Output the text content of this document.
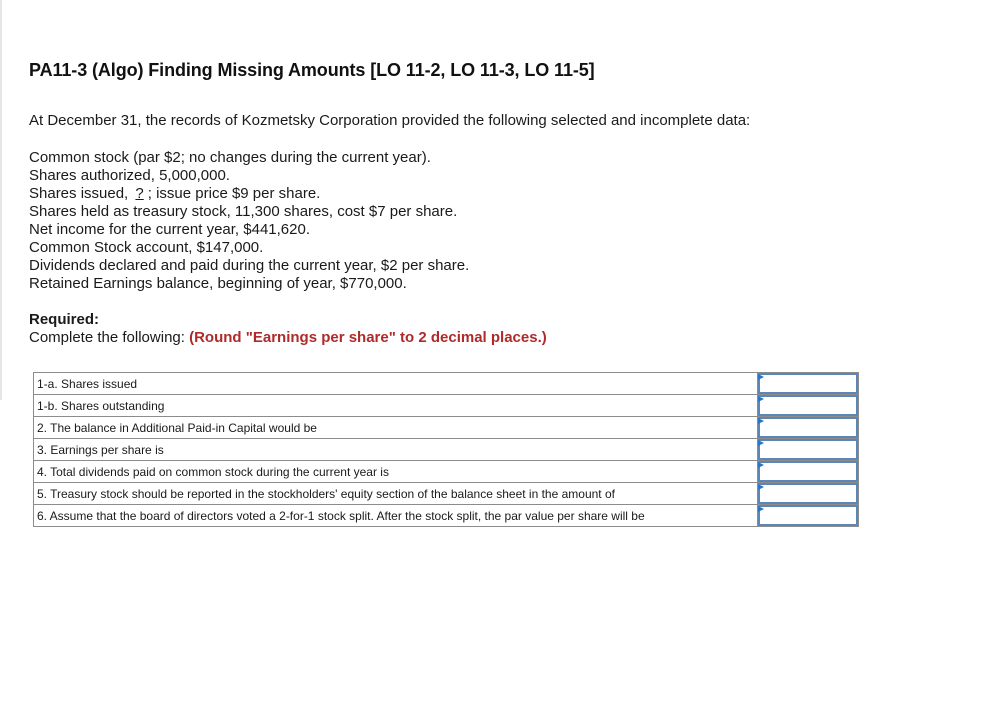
PA11-3 (Algo) Finding Missing Amounts [LO 11-2, LO 11-3, LO 11-5]

At December 31, the records of Kozmetsky Corporation provided the following selected and incomplete data:

Common stock (par $2; no changes during the current year).
Shares authorized, 5,000,000.
Shares issued, ? ; issue price $9 per share.
Shares held as treasury stock, 11,300 shares, cost $7 per share.
Net income for the current year, $441,620.
Common Stock account, $147,000.
Dividends declared and paid during the current year, $2 per share.
Retained Earnings balance, beginning of year, $770,000.

Required:

Complete the following: (Round "Earnings per share" to 2 decimal places.)

1-a. Shares issued	

1-b. Shares outstanding	

2. The balance in Additional Paid-in Capital would be	

3. Earnings per share is	

4. Total dividends paid on common stock during the current year is	

5. Treasury stock should be reported in the stockholders' equity section of the balance sheet in the amount of	

6. Assume that the board of directors voted a 2-for-1 stock split. After the stock split, the par value per share will be	
